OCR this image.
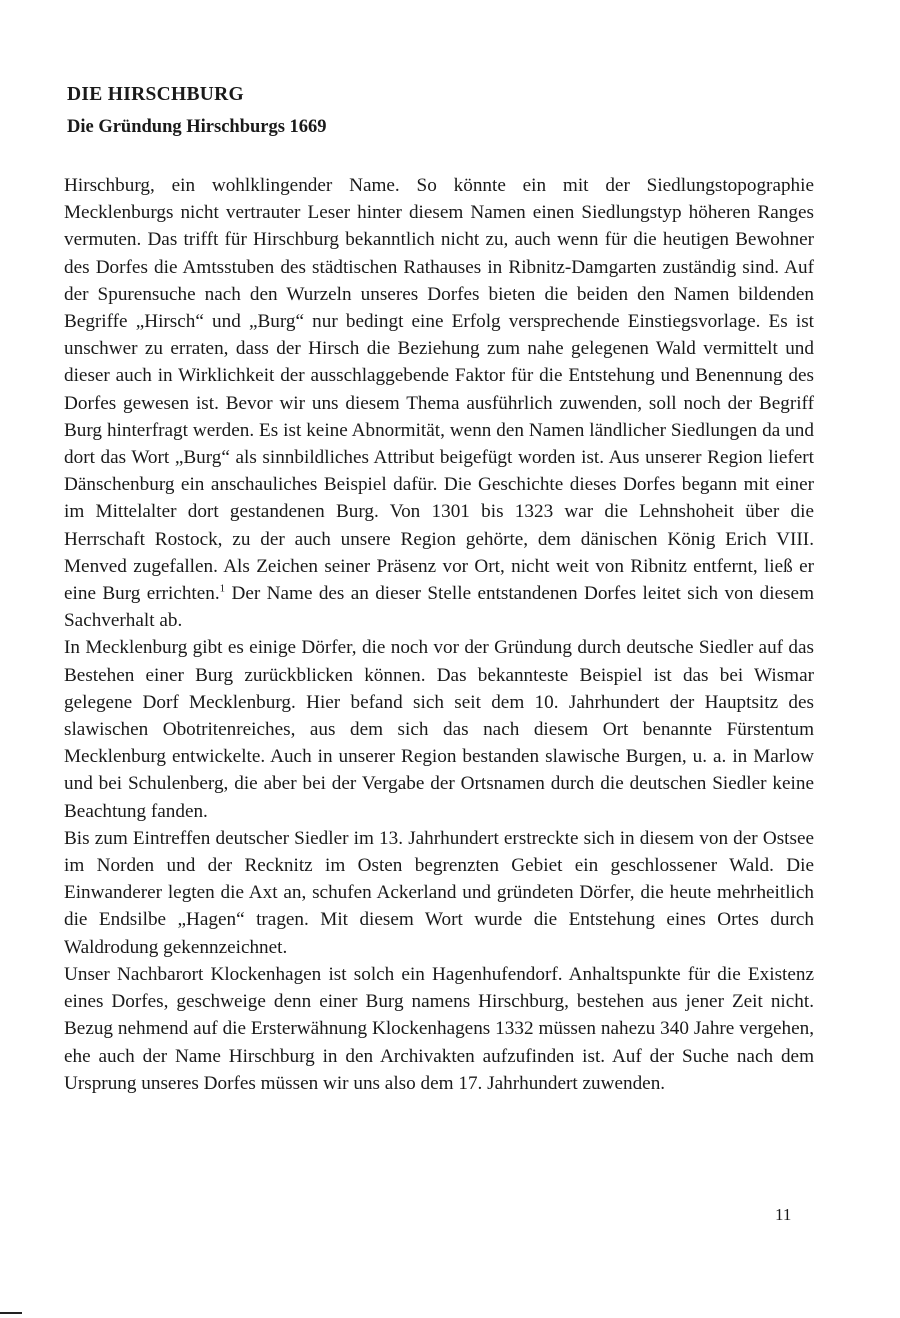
DIE HIRSCHBURG
Die Gründung Hirschburgs 1669

Hirschburg, ein wohlklingender Name. So könnte ein mit der Siedlungstopographie Mecklenburgs nicht vertrauter Leser hinter diesem Namen einen Siedlungstyp höheren Ranges vermuten. Das trifft für Hirschburg bekanntlich nicht zu, auch wenn für die heutigen Bewohner des Dorfes die Amtsstuben des städtischen Rathauses in Ribnitz-Damgarten zuständig sind. Auf der Spurensuche nach den Wurzeln unseres Dorfes bieten die beiden den Namen bildenden Begriffe „Hirsch“ und „Burg“ nur bedingt eine Erfolg versprechende Einstiegsvorlage. Es ist unschwer zu erraten, dass der Hirsch die Beziehung zum nahe gelegenen Wald vermittelt und dieser auch in Wirklichkeit der ausschlaggebende Faktor für die Entstehung und Benennung des Dorfes gewesen ist. Bevor wir uns diesem Thema ausführlich zuwenden, soll noch der Begriff Burg hinterfragt werden. Es ist keine Abnormität, wenn den Namen ländlicher Siedlungen da und dort das Wort „Burg“ als sinnbildliches Attribut beigefügt worden ist. Aus unserer Region liefert Dänschenburg ein anschauliches Beispiel dafür. Die Geschichte dieses Dorfes begann mit einer im Mittelalter dort gestandenen Burg. Von 1301 bis 1323 war die Lehnshoheit über die Herrschaft Rostock, zu der auch unsere Region gehörte, dem dänischen König Erich VIII. Menved zugefallen. Als Zeichen seiner Präsenz vor Ort, nicht weit von Ribnitz entfernt, ließ er eine Burg errichten.$^1$ Der Name des an dieser Stelle entstandenen Dorfes leitet sich von diesem Sachverhalt ab.

In Mecklenburg gibt es einige Dörfer, die noch vor der Gründung durch deutsche Siedler auf das Bestehen einer Burg zurückblicken können. Das bekannteste Beispiel ist das bei Wismar gelegene Dorf Mecklenburg. Hier befand sich seit dem 10. Jahrhundert der Hauptsitz des slawischen Obotritenreiches, aus dem sich das nach diesem Ort benannte Fürstentum Mecklenburg entwickelte. Auch in unserer Region bestanden slawische Burgen, u. a. in Marlow und bei Schulenberg, die aber bei der Vergabe der Ortsnamen durch die deutschen Siedler keine Beachtung fanden.

Bis zum Eintreffen deutscher Siedler im 13. Jahrhundert erstreckte sich in diesem von der Ostsee im Norden und der Recknitz im Osten begrenzten Gebiet ein geschlossener Wald. Die Einwanderer legten die Axt an, schufen Ackerland und gründeten Dörfer, die heute mehrheitlich die Endsilbe „Hagen“ tragen. Mit diesem Wort wurde die Entstehung eines Ortes durch Waldrodung gekennzeichnet.

Unser Nachbarort Klockenhagen ist solch ein Hagenhufendorf. Anhaltspunkte für die Existenz eines Dorfes, geschweige denn einer Burg namens Hirschburg, bestehen aus jener Zeit nicht. Bezug nehmend auf die Ersterwähnung Klockenhagens 1332 müssen nahezu 340 Jahre vergehen, ehe auch der Name Hirschburg in den Archivakten aufzufinden ist. Auf der Suche nach dem Ursprung unseres Dorfes müssen wir uns also dem 17. Jahrhundert zuwenden.

11
